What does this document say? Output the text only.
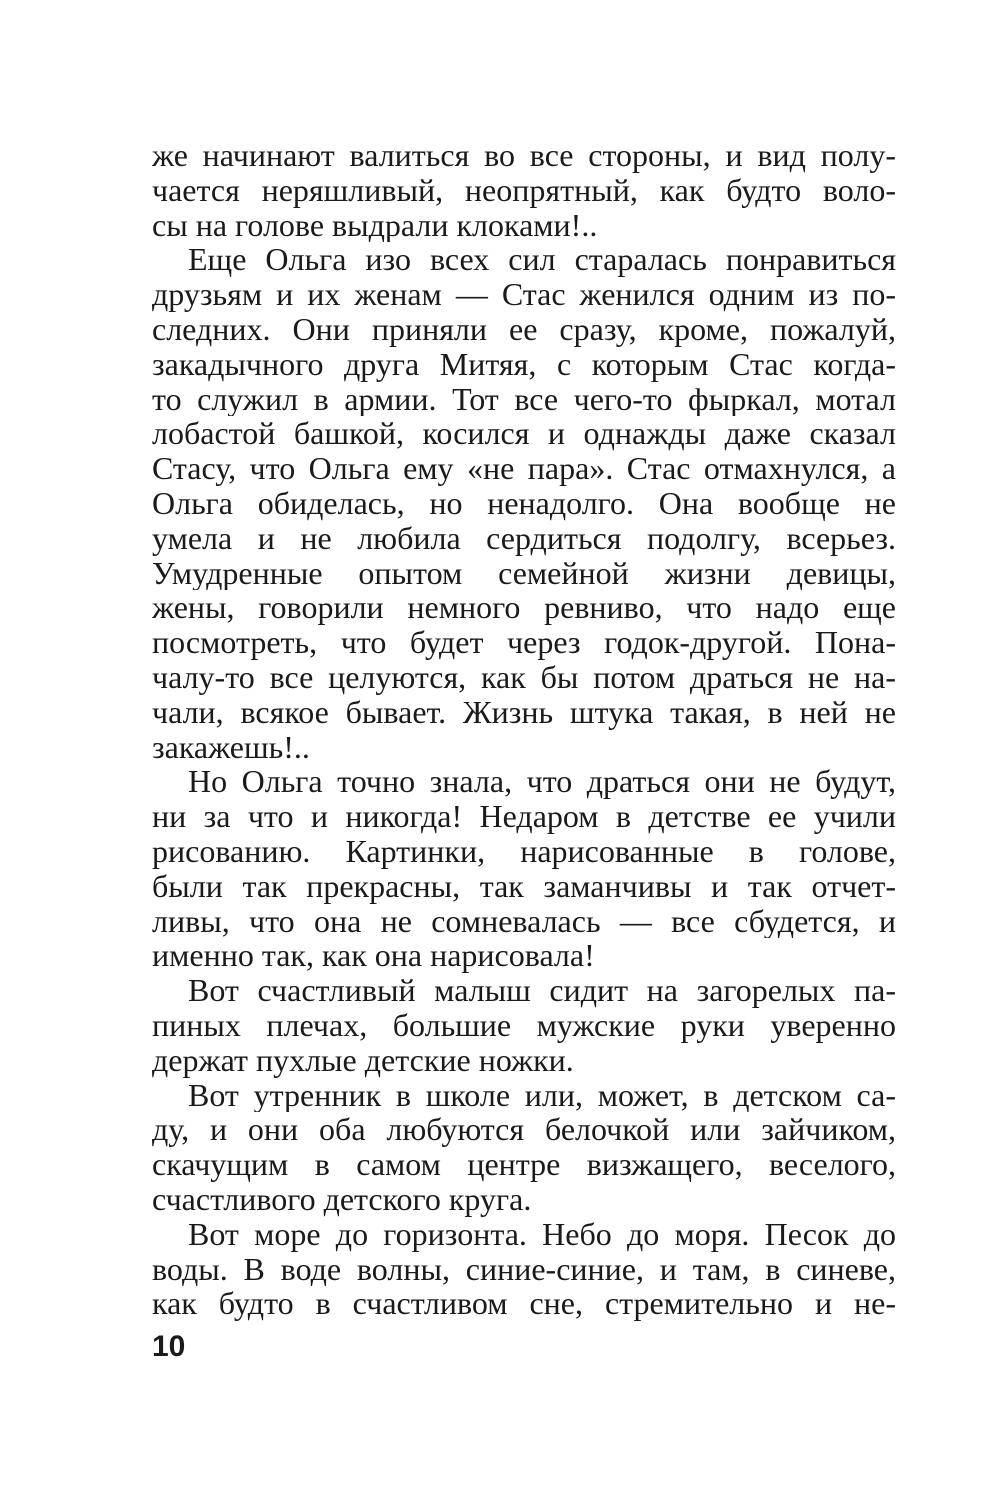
же начинают валиться во все стороны, и вид полу-
чается неряшливый, неопрятный, как будто воло-
сы на голове выдрали клоками!..
Еще Ольга изо всех сил старалась понравиться
друзьям и их женам — Стас женился одним из по-
следних. Они приняли ее сразу, кроме, пожалуй,
закадычного друга Митяя, с которым Стас когда-
то служил в армии. Тот все чего-то фыркал, мотал
лобастой башкой, косился и однажды даже сказал
Стасу, что Ольга ему «не пара». Стас отмахнулся, а
Ольга обиделась, но ненадолго. Она вообще не
умела и не любила сердиться подолгу, всерьез.
Умудренные опытом семейной жизни девицы,
жены, говорили немного ревниво, что надо еще
посмотреть, что будет через годок-другой. Пона-
чалу-то все целуются, как бы потом драться не на-
чали, всякое бывает. Жизнь штука такая, в ней не
закажешь!..
Но Ольга точно знала, что драться они не будут,
ни за что и никогда! Недаром в детстве ее учили
рисованию. Картинки, нарисованные в голове,
были так прекрасны, так заманчивы и так отчет-
ливы, что она не сомневалась — все сбудется, и
именно так, как она нарисовала!
Вот счастливый малыш сидит на загорелых па-
пиных плечах, большие мужские руки уверенно
держат пухлые детские ножки.
Вот утренник в школе или, может, в детском са-
ду, и они оба любуются белочкой или зайчиком,
скачущим в самом центре визжащего, веселого,
счастливого детского круга.
Вот море до горизонта. Небо до моря. Песок до
воды. В воде волны, синие-синие, и там, в синеве,
как будто в счастливом сне, стремительно и не-
10
